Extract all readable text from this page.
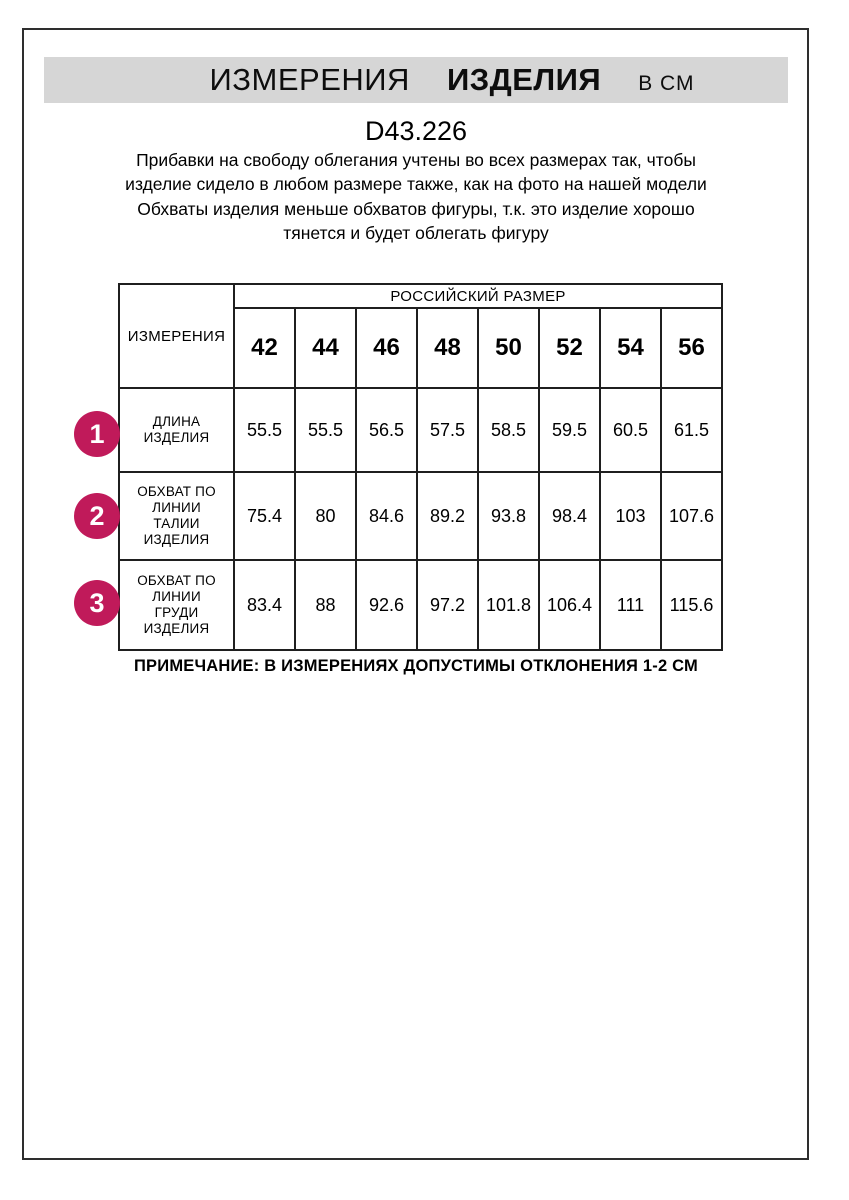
ИЗМЕРЕНИЯ ИЗДЕЛИЯ В СМ
D43.226

Прибавки на свободу облегания учтены во всех размерах так, чтобы изделие сидело в любом размере также, как на фото на нашей модели

Обхваты изделия меньше обхватов фигуры, т.к. это изделие хорошо тянется и будет облегать фигуру

ИЗМЕРЕНИЯ	РОССИЙСКИЙ РАЗМЕР							
	42	44	46	48	50	52	54	56
ДЛИНА ИЗДЕЛИЯ	55.5	55.5	56.5	57.5	58.5	59.5	60.5	61.5
ОБХВАТ ПО ЛИНИИ ТАЛИИ ИЗДЕЛИЯ	75.4	80	84.6	89.2	93.8	98.4	103	107.6
ОБХВАТ ПО ЛИНИИ ГРУДИ ИЗДЕЛИЯ	83.4	88	92.6	97.2	101.8	106.4	111	115.6
1
2
3
ПРИМЕЧАНИЕ: В ИЗМЕРЕНИЯХ ДОПУСТИМЫ ОТКЛОНЕНИЯ 1-2 СМ
